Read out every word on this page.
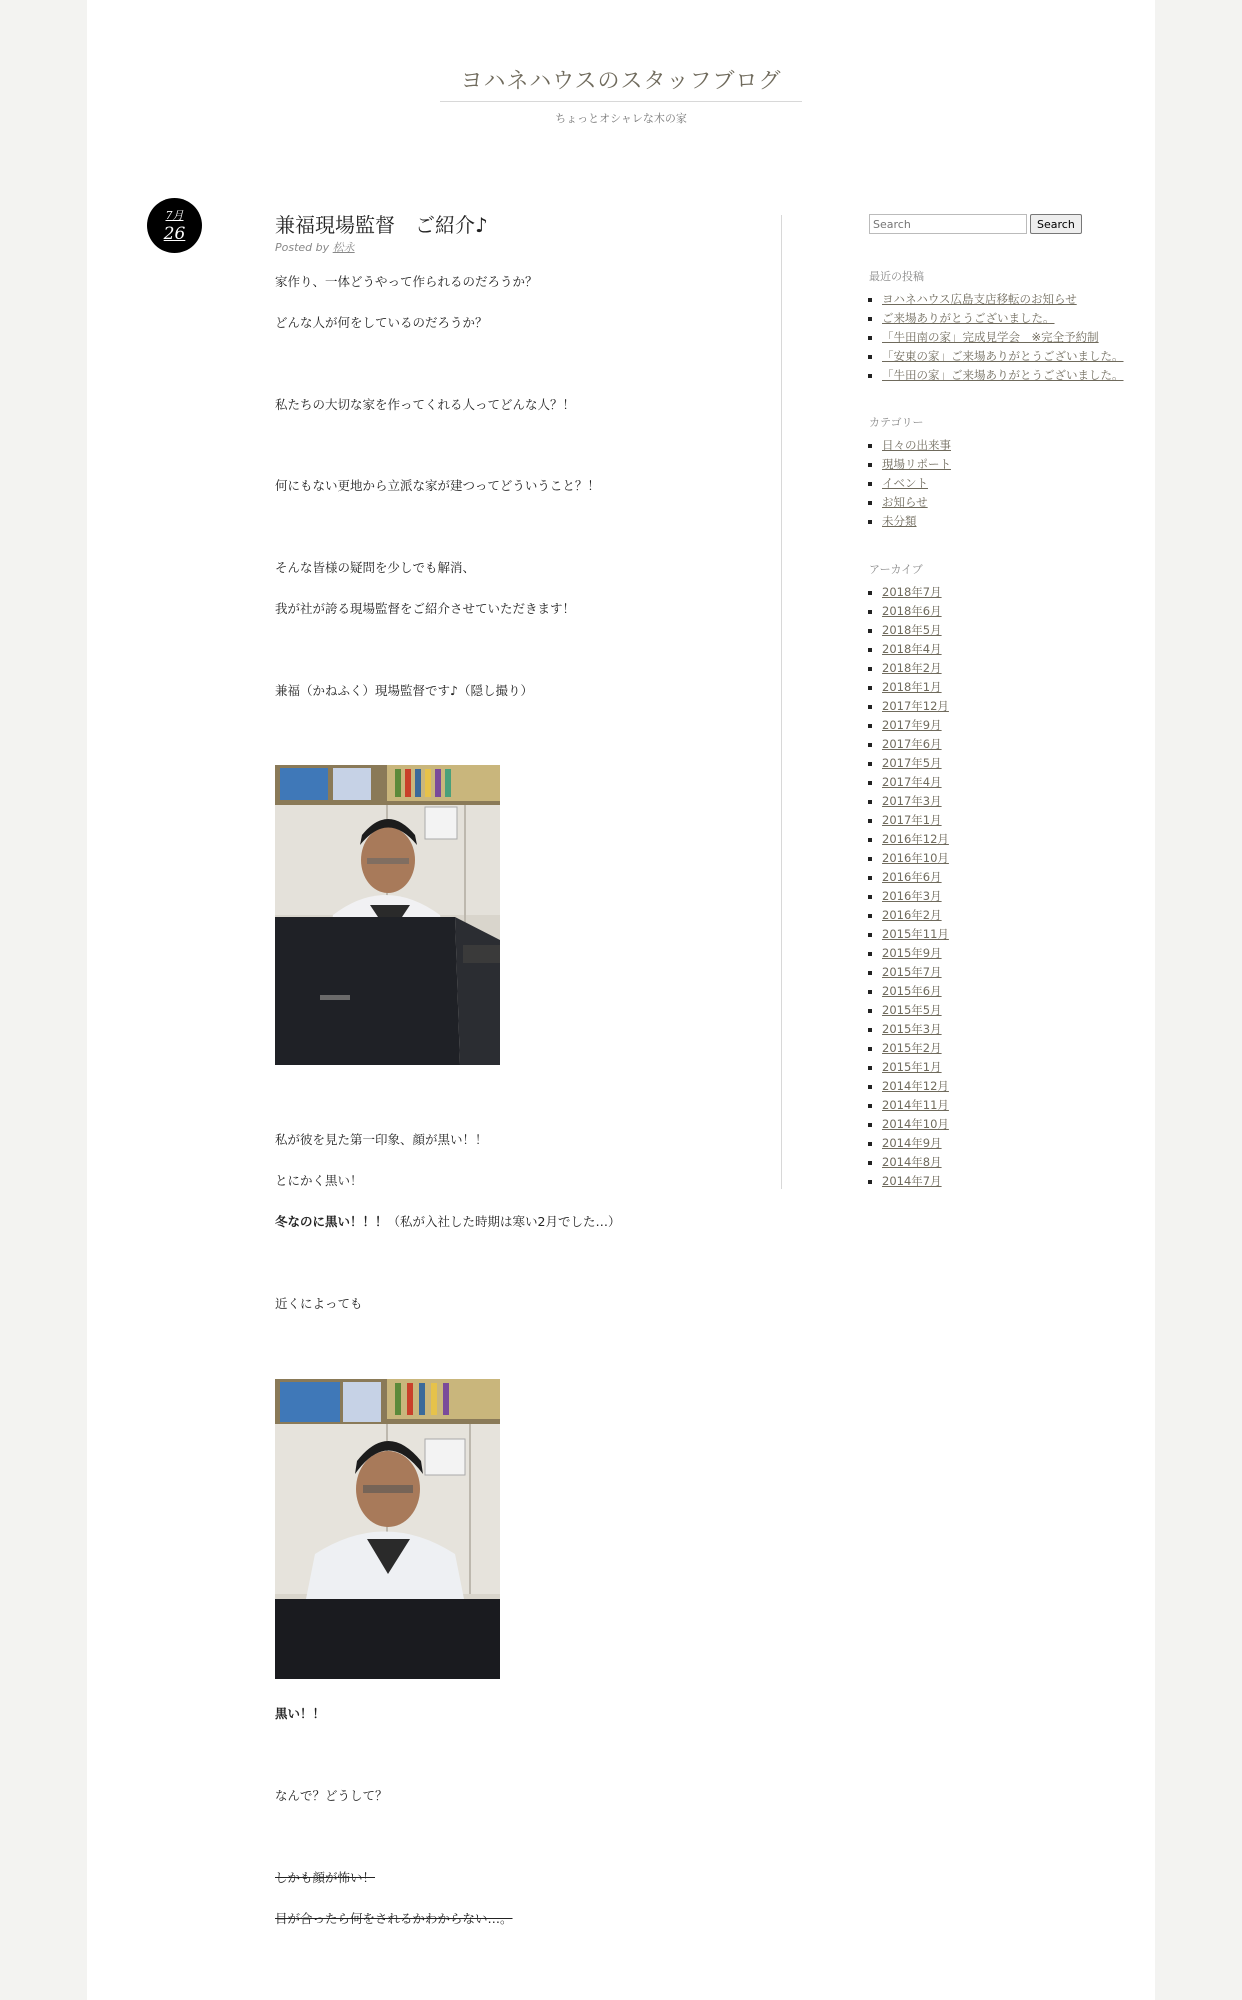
ヨハネハウスのスタッフブログ
ちょっとオシャレな木の家
7月
26	兼福現場監督　ご紹介♪
Posted by 松永

家作り、一体どうやって作られるのだろうか？

どんな人が何をしているのだろうか？

私たちの大切な家を作ってくれる人ってどんな人？！

何にもない更地から立派な家が建つってどういうこと？！

そんな皆様の疑問を少しでも解消、

我が社が誇る現場監督をご紹介させていただきます！

兼福（かねふく）現場監督です♪（隠し撮り）

私が彼を見た第一印象、顔が黒い！！

とにかく黒い！

冬なのに黒い！！！（私が入社した時期は寒い2月でした…）

近くによっても

黒い！！

なんで？どうして？

しかも顔が怖い！

目が合ったら何をされるかわからない…。

Search
Search
最近の投稿
▪ ヨハネハウス広島支店移転のお知らせ
▪ ご来場ありがとうございました。
▪ 「牛田南の家」完成見学会　※完全予約制
▪ 「安東の家」ご来場ありがとうございました。
▪ 「牛田の家」ご来場ありがとうございました。
カテゴリー
▪ 日々の出来事
▪ 現場リポート
▪ イベント
▪ お知らせ
▪ 未分類
アーカイブ
▪ 2018年7月
▪ 2018年6月
▪ 2018年5月
▪ 2018年4月
▪ 2018年2月
▪ 2018年1月
▪ 2017年12月
▪ 2017年9月
▪ 2017年6月
▪ 2017年5月
▪ 2017年4月
▪ 2017年3月
▪ 2017年1月
▪ 2016年12月
▪ 2016年10月
▪ 2016年6月
▪ 2016年3月
▪ 2016年2月
▪ 2015年11月
▪ 2015年9月
▪ 2015年7月
▪ 2015年6月
▪ 2015年5月
▪ 2015年3月
▪ 2015年2月
▪ 2015年1月
▪ 2014年12月
▪ 2014年11月
▪ 2014年10月
▪ 2014年9月
▪ 2014年8月
▪ 2014年7月
